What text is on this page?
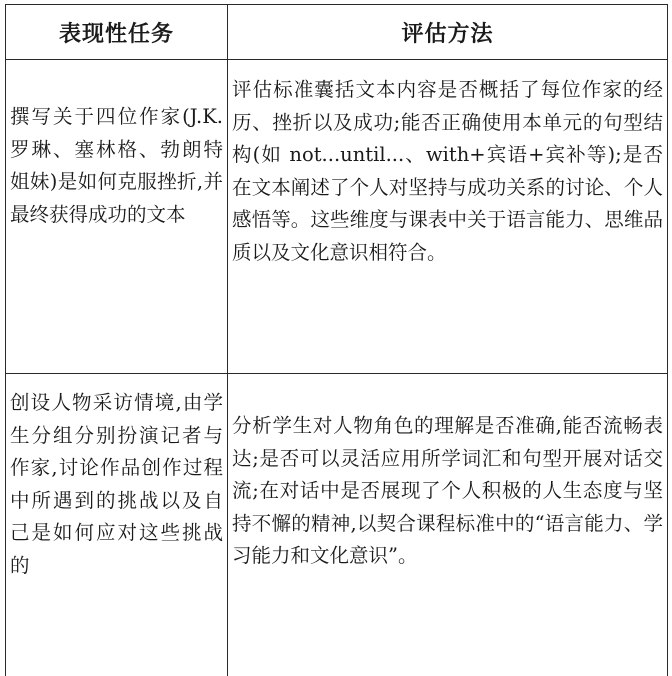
表现性任务	评估方法
撰写关于四位作家(J.K.罗琳、塞林格、勃朗特姐妹)是如何克服挫折,并最终获得成功的文本	评估标准囊括文本内容是否概括了每位作家的经历、挫折以及成功;能否正确使用本单元的句型结构(如 not...until...、with+宾语+宾补等);是否在文本阐述了个人对坚持与成功关系的讨论、个人感悟等。这些维度与课表中关于语言能力、思维品质以及文化意识相符合。
创设人物采访情境,由学生分组分别扮演记者与作家,讨论作品创作过程中所遇到的挑战以及自己是如何应对这些挑战的	分析学生对人物角色的理解是否准确,能否流畅表达;是否可以灵活应用所学词汇和句型开展对话交流;在对话中是否展现了个人积极的人生态度与坚持不懈的精神,以契合课程标准中的“语言能力、学习能力和文化意识”。
